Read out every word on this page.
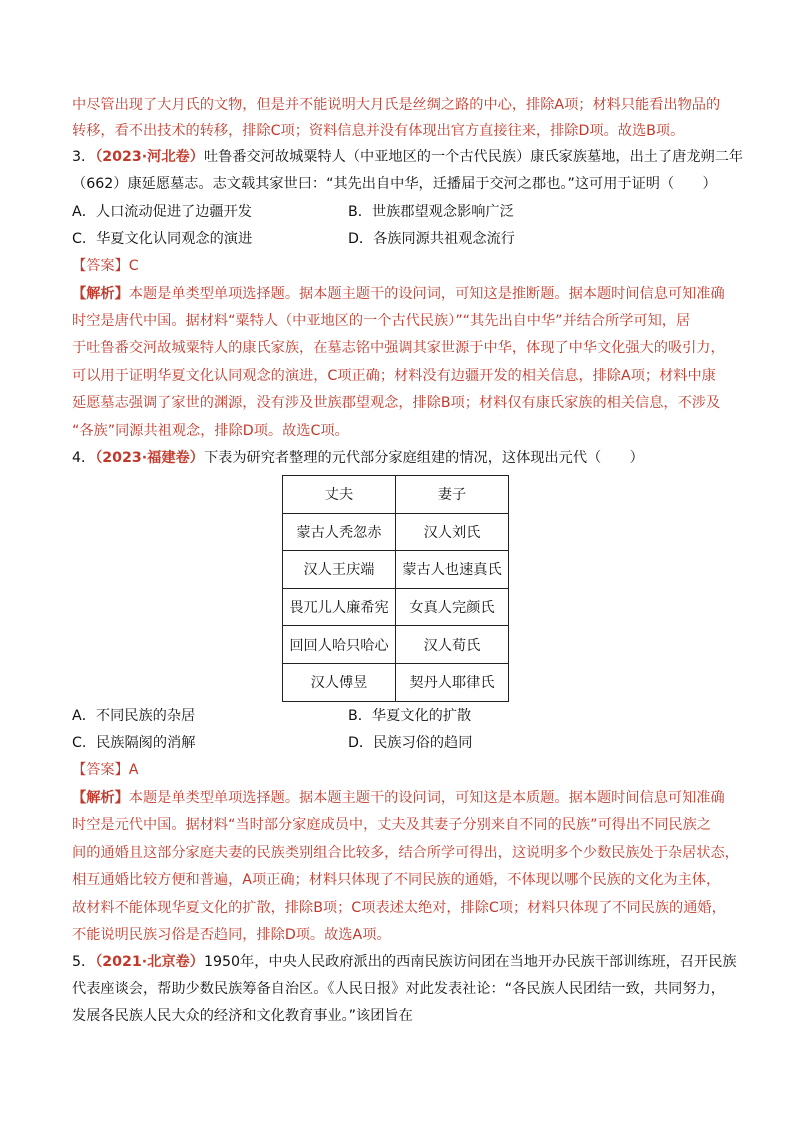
中尽管出现了大月氏的文物，但是并不能说明大月氏是丝绸之路的中心，排除A项；材料只能看出物品的
转移，看不出技术的转移，排除C项；资料信息并没有体现出官方直接往来，排除D项。故选B项。
3．（2023·河北卷）吐鲁番交河故城粟特人（中亚地区的一个古代民族）康氏家族墓地，出土了唐龙朔二年
（662）康延愿墓志。志文载其家世曰：“其先出自中华，迁播届于交河之郡也。”这可用于证明（　　）
A．人口流动促进了边疆开发	B．世族郡望观念影响广泛
C．华夏文化认同观念的演进	D．各族同源共祖观念流行
【答案】C
【解析】本题是单类型单项选择题。据本题主题干的设问词，可知这是推断题。据本题时间信息可知准确
时空是唐代中国。据材料“粟特人（中亚地区的一个古代民族）”“其先出自中华”并结合所学可知，居
于吐鲁番交河故城粟特人的康氏家族，在墓志铭中强调其家世源于中华，体现了中华文化强大的吸引力，
可以用于证明华夏文化认同观念的演进，C项正确；材料没有边疆开发的相关信息，排除A项；材料中康
延愿墓志强调了家世的渊源，没有涉及世族郡望观念，排除B项；材料仅有康氏家族的相关信息，不涉及
“各族”同源共祖观念，排除D项。故选C项。
4．（2023·福建卷）下表为研究者整理的元代部分家庭组建的情况，这体现出元代（　　）
丈夫	妻子
蒙古人秃忽赤	汉人刘氏
汉人王庆端	蒙古人也速真氏
畏兀儿人廉希宪	女真人完颜氏
回回人哈只哈心	汉人荀氏
汉人傅昱	契丹人耶律氏
A．不同民族的杂居	B．华夏文化的扩散
C．民族隔阂的消解	D．民族习俗的趋同
【答案】A
【解析】本题是单类型单项选择题。据本题主题干的设问词，可知这是本质题。据本题时间信息可知准确
时空是元代中国。据材料“当时部分家庭成员中，丈夫及其妻子分别来自不同的民族”可得出不同民族之
间的通婚且这部分家庭夫妻的民族类别组合比较多，结合所学可得出，这说明多个少数民族处于杂居状态，
相互通婚比较方便和普遍，A项正确；材料只体现了不同民族的通婚，不体现以哪个民族的文化为主体，
故材料不能体现华夏文化的扩散，排除B项；C项表述太绝对，排除C项；材料只体现了不同民族的通婚，
不能说明民族习俗是否趋同，排除D项。故选A项。
5．（2021·北京卷）1950年，中央人民政府派出的西南民族访问团在当地开办民族干部训练班，召开民族
代表座谈会，帮助少数民族筹备自治区。《人民日报》对此发表社论：“各民族人民团结一致，共同努力，
发展各民族人民大众的经济和文化教育事业。”该团旨在
